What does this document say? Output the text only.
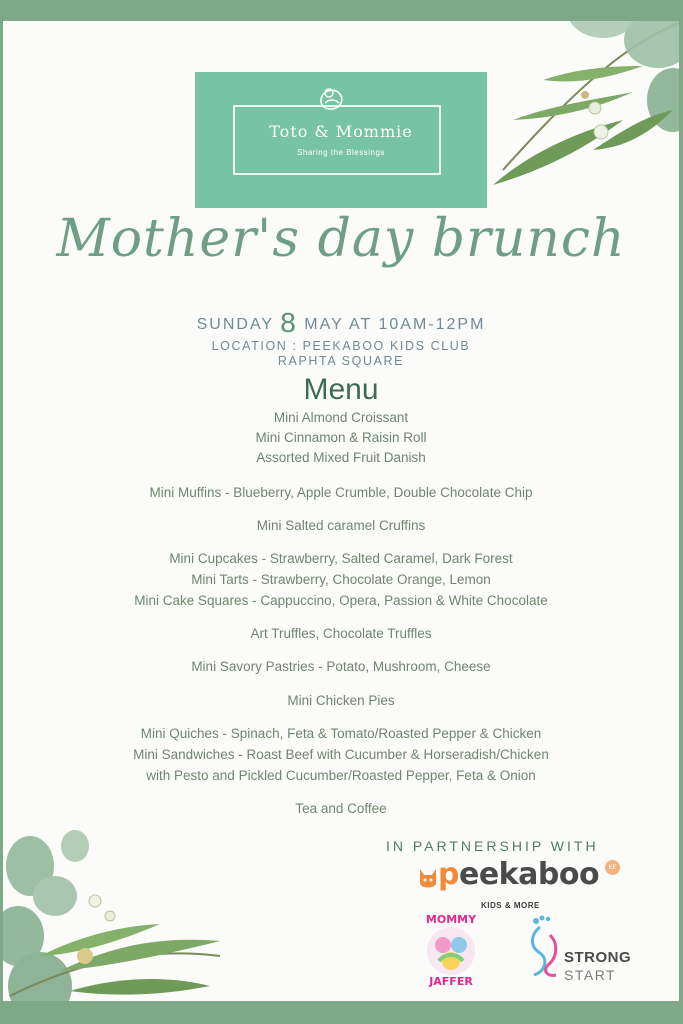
Toto & Mommie
Sharing the Blessings
Mother's day brunch
SUNDAY 8 MAY AT 10AM-12PM
LOCATION : PEEKABOO KIDS CLUB
RAPHTA SQUARE
Menu
Mini Almond Croissant
Mini Cinnamon & Raisin Roll
Assorted Mixed Fruit Danish
Mini Muffins - Blueberry, Apple Crumble, Double Chocolate Chip
Mini Salted caramel Cruffins
Mini Cupcakes - Strawberry, Salted Caramel, Dark Forest
Mini Tarts - Strawberry, Chocolate Orange, Lemon
Mini Cake Squares - Cappuccino, Opera, Passion & White Chocolate
Art Truffles, Chocolate Truffles
Mini Savory Pastries - Potato, Mushroom, Cheese
Mini Chicken Pies
Mini Quiches - Spinach, Feta & Tomato/Roasted Pepper & Chicken
Mini Sandwiches - Roast Beef with Cucumber & Horseradish/Chicken
with Pesto and Pickled Cucumber/Roasted Pepper, Feta & Onion
Tea and Coffee
IN PARTNERSHIP WITH
peekaboo	KE
KIDS & MORE
MOMMY
JAFFER
STRONG
START
